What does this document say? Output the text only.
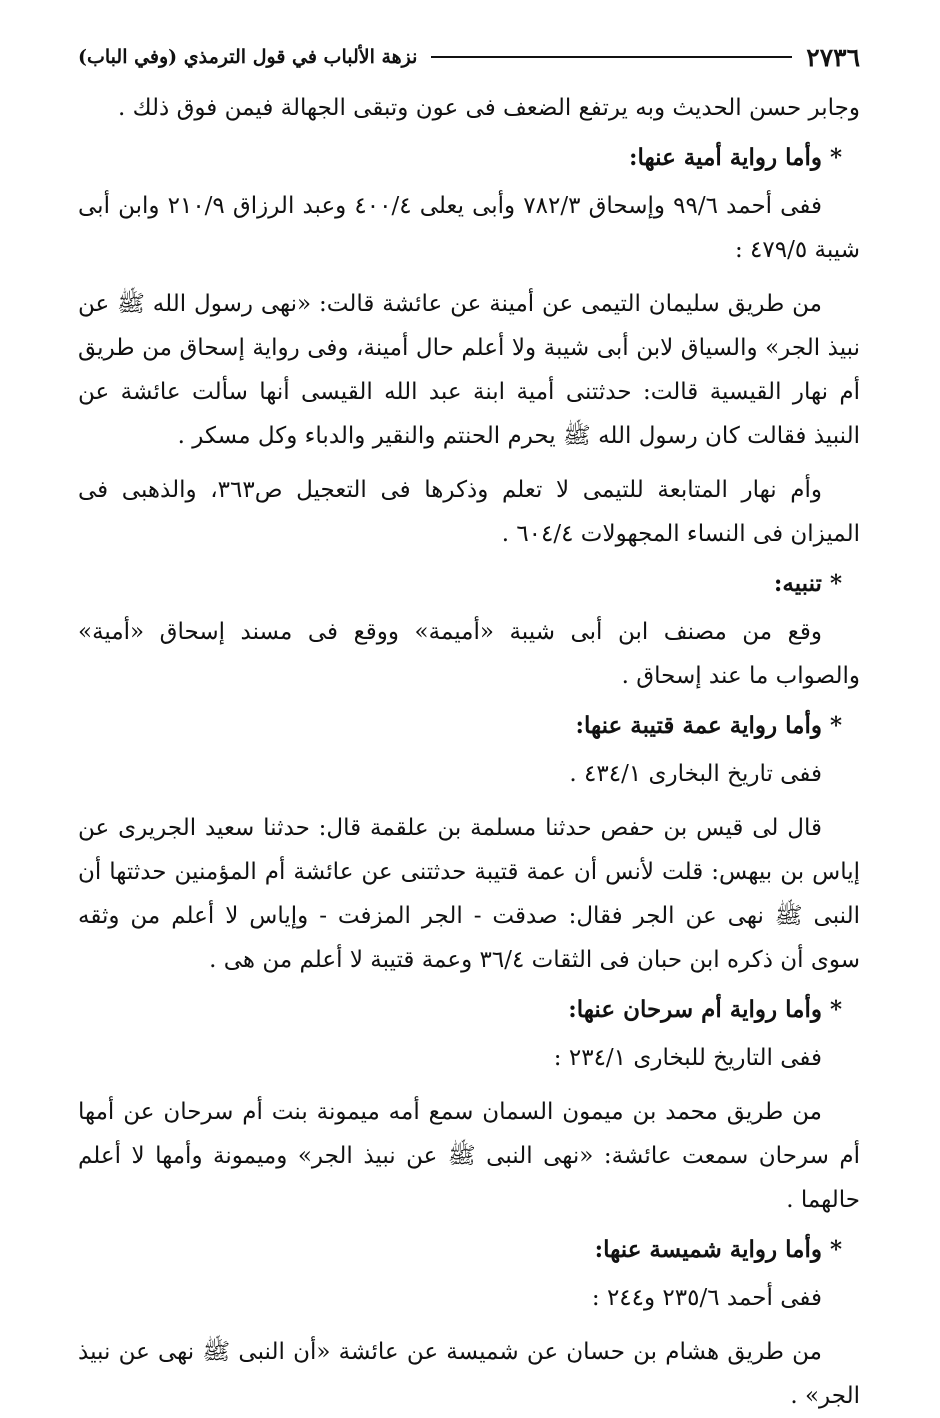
٢٧٣٦
نزهة الألباب في قول الترمذي (وفي الباب)

وجابر حسن الحديث وبه يرتفع الضعف فى عون وتبقى الجهالة فيمن فوق ذلك .

* وأما رواية أمية عنها:

ففى أحمد ٩٩/٦ وإسحاق ٧٨٢/٣ وأبى يعلى ٤٠٠/٤ وعبد الرزاق ٢١٠/٩ وابن أبى شيبة ٤٧٩/٥ :

من طريق سليمان التيمى عن أمينة عن عائشة قالت: «نهى رسول الله ﷺ عن نبيذ الجر» والسياق لابن أبى شيبة ولا أعلم حال أمينة، وفى رواية إسحاق من طريق أم نهار القيسية قالت: حدثتنى أمية ابنة عبد الله القيسى أنها سألت عائشة عن النبيذ فقالت كان رسول الله ﷺ يحرم الحنتم والنقير والدباء وكل مسكر .

وأم نهار المتابعة للتيمى لا تعلم وذكرها فى التعجيل ص٣٦٣، والذهبى فى الميزان فى النساء المجهولات ٦٠٤/٤ .

* تنبيه:

وقع من مصنف ابن أبى شيبة «أميمة» ووقع فى مسند إسحاق «أمية» والصواب ما عند إسحاق .

* وأما رواية عمة قتيبة عنها:

ففى تاريخ البخارى ٤٣٤/١ .

قال لى قيس بن حفص حدثنا مسلمة بن علقمة قال: حدثنا سعيد الجريرى عن إياس بن بيهس: قلت لأنس أن عمة قتيبة حدثتنى عن عائشة أم المؤمنين حدثتها أن النبى ﷺ نهى عن الجر فقال: صدقت - الجر المزفت - وإياس لا أعلم من وثقه سوى أن ذكره ابن حبان فى الثقات ٣٦/٤ وعمة قتيبة لا أعلم من هى .

* وأما رواية أم سرحان عنها:

ففى التاريخ للبخارى ٢٣٤/١ :

من طريق محمد بن ميمون السمان سمع أمه ميمونة بنت أم سرحان عن أمها أم سرحان سمعت عائشة: «نهى النبى ﷺ عن نبيذ الجر» وميمونة وأمها لا أعلم حالهما .

* وأما رواية شميسة عنها:

ففى أحمد ٢٣٥/٦ و٢٤٤ :

من طريق هشام بن حسان عن شميسة عن عائشة «أن النبى ﷺ نهى عن نبيذ الجر» .
